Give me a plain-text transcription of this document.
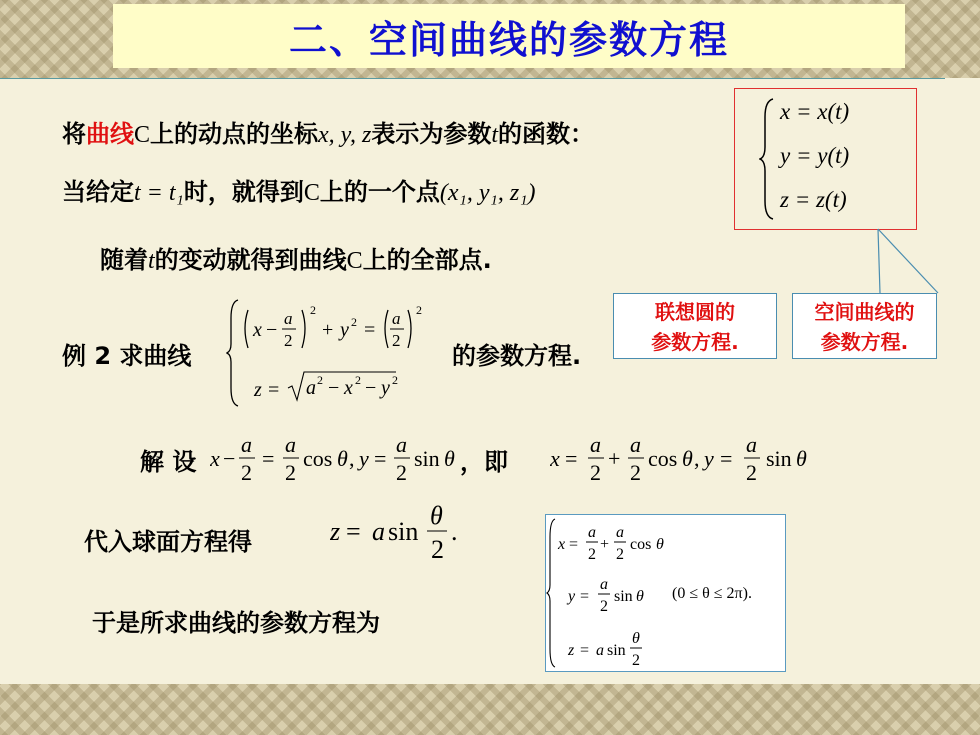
二、空间曲线的参数方程
将曲线C上的动点的坐标x, y, z表示为参数t的函数：
x = x(t)
y = y(t)
z = z(t)
当给定t = t₁时，就得到C上的一个点(x₁, y₁, z₁)
随着t的变动就得到曲线C上的全部点.
例 2 求曲线
x −
a
2
2
+ y 2 =
a
2
2
z = a 2 − x 2 − y 2
的参数方程.
联想圆的
参数方程.
空间曲线的
参数方程.
解 设 x −
a
2
=
a
2
cos θ , y =
a
2
sin θ ，即 x =
a
2
+
a
2
cos θ , y =
a
2
sin θ
代入球面方程得	z = a sin
θ
2
.
于是所求曲线的参数方程为
x =
a
2
+
a
2
cos θ
y =
a
2
sin θ
z = a sin
θ
2
(0 ≤ θ ≤ 2π).
